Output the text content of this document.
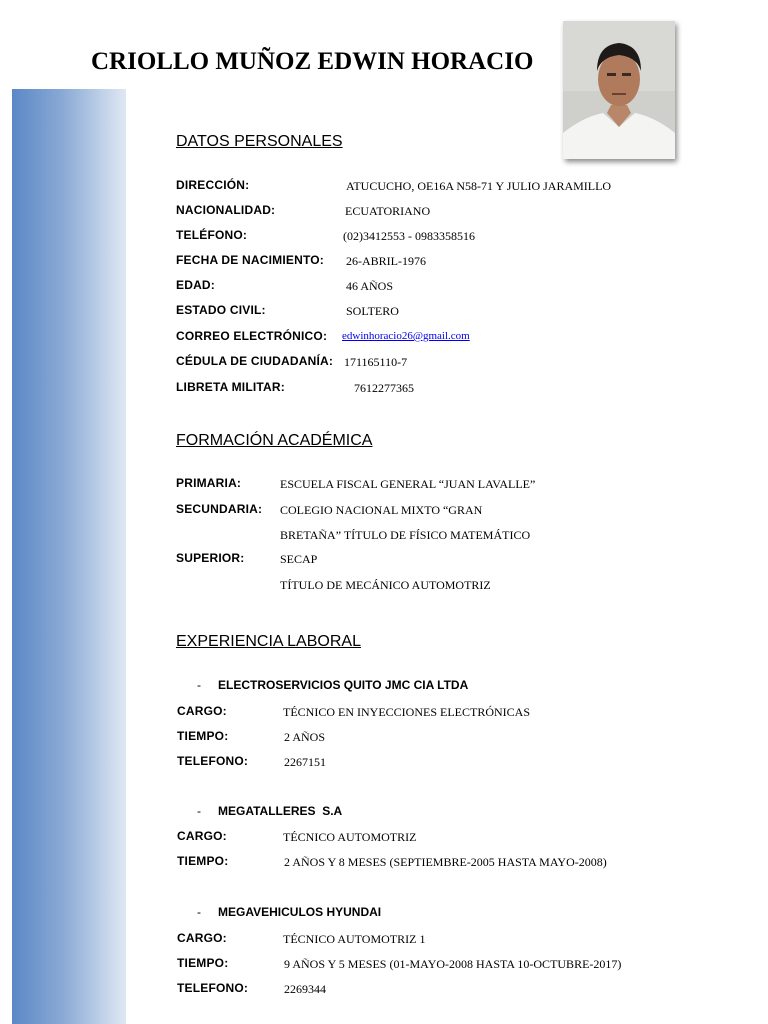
CRIOLLO MUÑOZ EDWIN HORACIO
DATOS PERSONALES
DIRECCIÓN:	ATUCUCHO, OE16A N58-71 Y JULIO JARAMILLO
NACIONALIDAD:	ECUATORIANO
TELÉFONO:	(02)3412553 - 0983358516
FECHA DE NACIMIENTO: 26-ABRIL-1976
EDAD:	46 AÑOS
ESTADO CIVIL:	SOLTERO
CORREO ELECTRÓNICO: edwinhoracio26@gmail.com
CÉDULA DE CIUDADANÍA: 171165110-7
LIBRETA MILITAR:	7612277365
FORMACIÓN ACADÉMICA
PRIMARIA:	ESCUELA FISCAL GENERAL “JUAN LAVALLE”
SECUNDARIA: COLEGIO NACIONAL MIXTO “GRAN
BRETAÑA” TÍTULO DE FÍSICO MATEMÁTICO
SUPERIOR:	SECAP
TÍTULO DE MECÁNICO AUTOMOTRIZ
EXPERIENCIA LABORAL
- ELECTROSERVICIOS QUITO JMC CIA LTDA
CARGO:	TÉCNICO EN INYECCIONES ELECTRÓNICAS
TIEMPO:	2 AÑOS
TELEFONO:	2267151
- MEGATALLERES  S.A
CARGO:	TÉCNICO AUTOMOTRIZ
TIEMPO:	2 AÑOS Y 8 MESES (SEPTIEMBRE-2005 HASTA MAYO-2008)
- MEGAVEHICULOS HYUNDAI
CARGO:	TÉCNICO AUTOMOTRIZ 1
TIEMPO:	9 AÑOS Y 5 MESES (01-MAYO-2008 HASTA 10-OCTUBRE-2017)
TELEFONO:	2269344
